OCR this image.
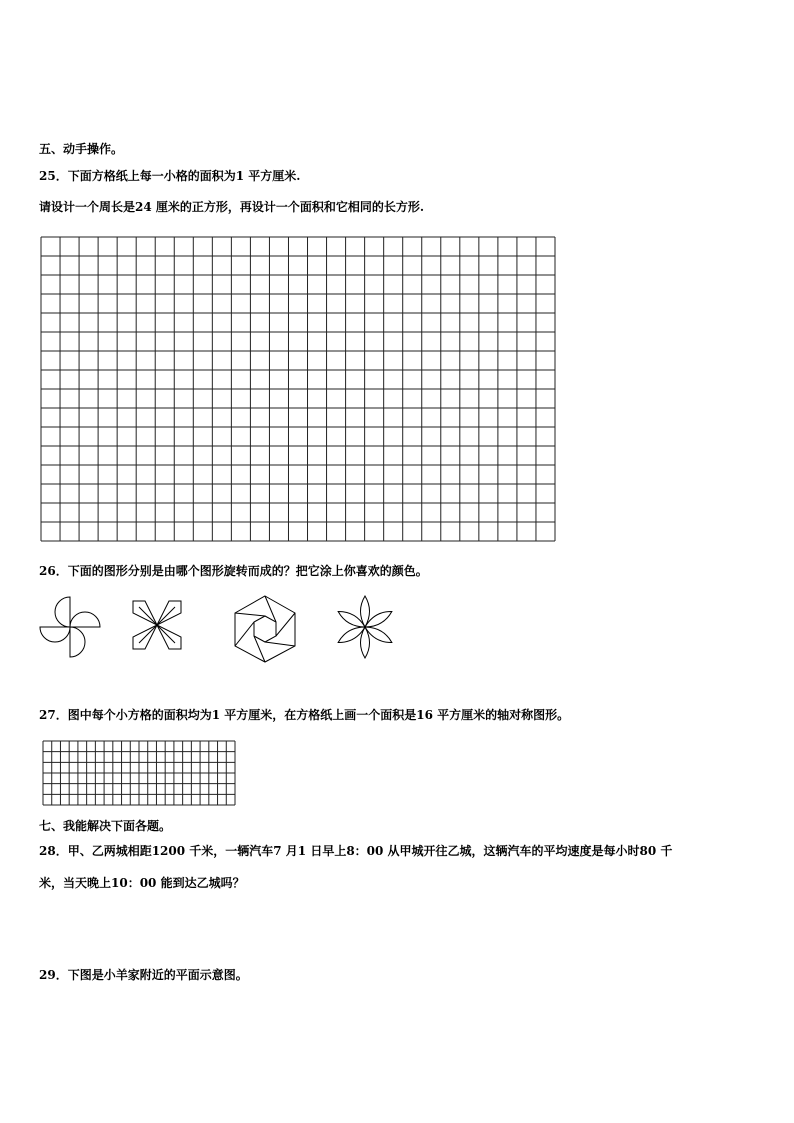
五、动手操作。
25．下面方格纸上每一小格的面积为1 平方厘米.
请设计一个周长是24 厘米的正方形，再设计一个面积和它相同的长方形.
26．下面的图形分别是由哪个图形旋转而成的？把它涂上你喜欢的颜色。
27．图中每个小方格的面积均为1 平方厘米，在方格纸上画一个面积是16 平方厘米的轴对称图形。
七、我能解决下面各题。
28．甲、乙两城相距1200 千米，一辆汽车7 月1 日早上8：00 从甲城开往乙城，这辆汽车的平均速度是每小时80 千
米，当天晚上10：00 能到达乙城吗？
29．下图是小羊家附近的平面示意图。
